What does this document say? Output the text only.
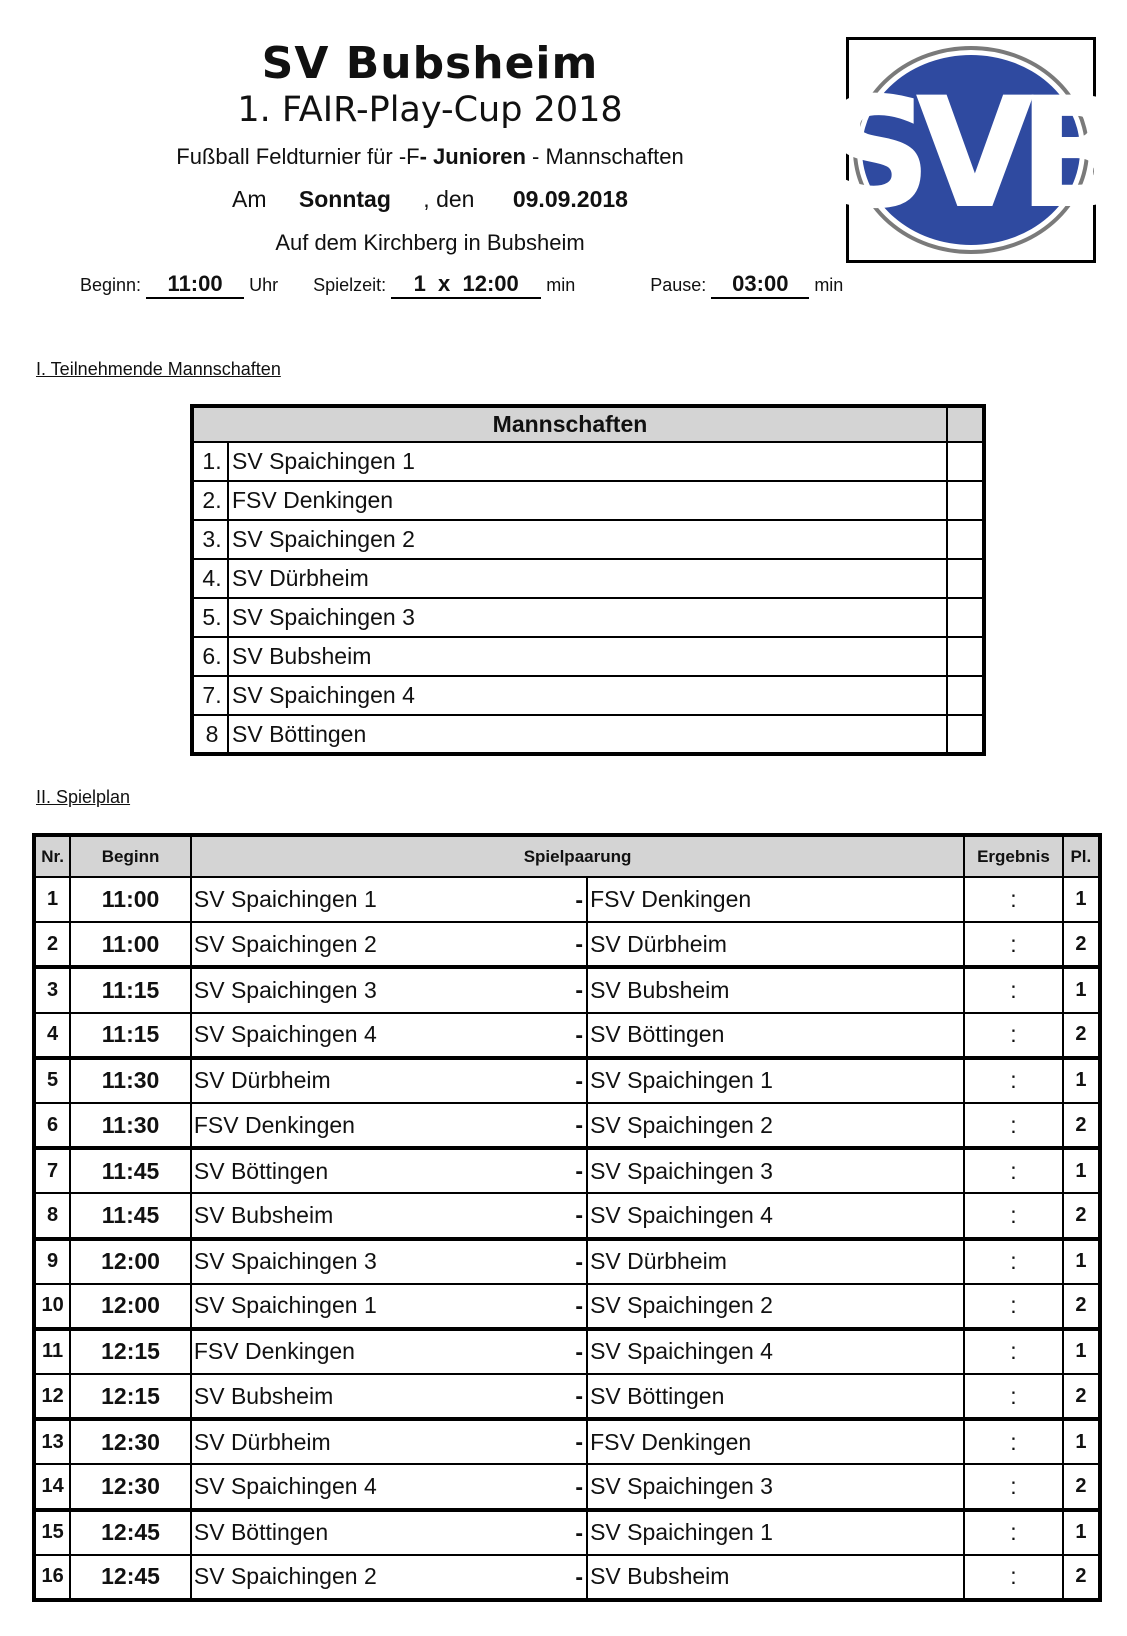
SV Bubsheim
1. FAIR-Play-Cup 2018
Fußball Feldturnier für -F- Junioren - Mannschaften
Am Sonntag , den 09.09.2018
Auf dem Kirchberg in Bubsheim
Beginn: 11:00 Uhr Spielzeit: 1  x  12:00 min	Pause: 03:00 min
SVB
I. Teilnehmende Mannschaften
Mannschaften		
1.	SV Spaichingen 1	
2.	FSV Denkingen	
3.	SV Spaichingen 2	
4.	SV Dürbheim	
5.	SV Spaichingen 3	
6.	SV Bubsheim	
7.	SV Spaichingen 4	
8	SV Böttingen	
II. Spielplan
Nr.	Beginn	Spielpaarung		Ergebnis	Pl.
1	11:00	SV Spaichingen 1 -	FSV Denkingen	:	1
2	11:00	SV Spaichingen 2 -	SV Dürbheim	:	2
3	11:15	SV Spaichingen 3 -	SV Bubsheim	:	1
4	11:15	SV Spaichingen 4 -	SV Böttingen	:	2
5	11:30	SV Dürbheim -	SV Spaichingen 1	:	1
6	11:30	FSV Denkingen -	SV Spaichingen 2	:	2
7	11:45	SV Böttingen -	SV Spaichingen 3	:	1
8	11:45	SV Bubsheim -	SV Spaichingen 4	:	2
9	12:00	SV Spaichingen 3 -	SV Dürbheim	:	1
10	12:00	SV Spaichingen 1 -	SV Spaichingen 2	:	2
11	12:15	FSV Denkingen -	SV Spaichingen 4	:	1
12	12:15	SV Bubsheim -	SV Böttingen	:	2
13	12:30	SV Dürbheim -	FSV Denkingen	:	1
14	12:30	SV Spaichingen 4 -	SV Spaichingen 3	:	2
15	12:45	SV Böttingen -	SV Spaichingen 1	:	1
16	12:45	SV Spaichingen 2 -	SV Bubsheim	:	2
